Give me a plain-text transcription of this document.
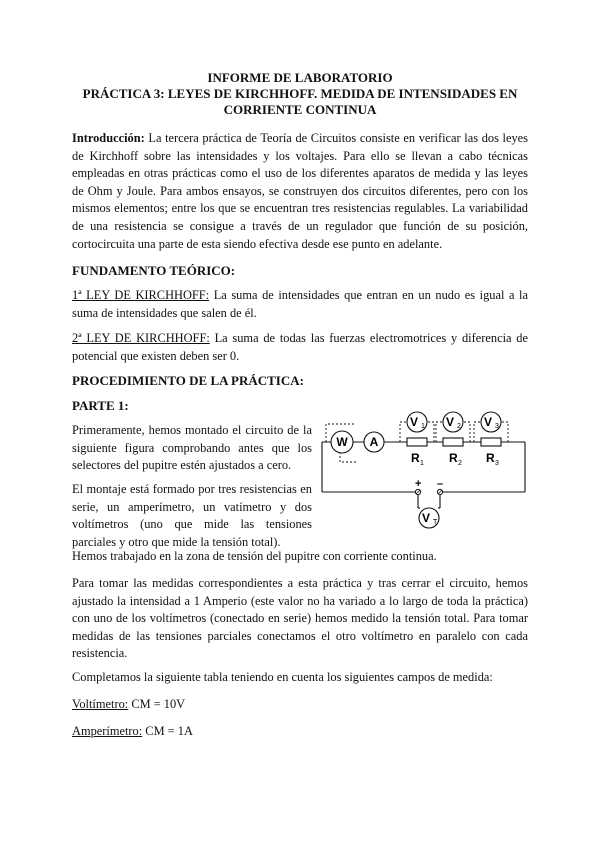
INFORME DE LABORATORIO

PRÁCTICA 3: LEYES DE KIRCHHOFF. MEDIDA DE INTENSIDADES EN

CORRIENTE CONTINUA

Introducción: La tercera práctica de Teoría de Circuitos consiste en verificar las dos leyes de Kirchhoff sobre las intensidades y los voltajes. Para ello se llevan a cabo técnicas empleadas en otras prácticas como el uso de los diferentes aparatos de medida y las leyes de Ohm y Joule. Para ambos ensayos, se construyen dos circuitos diferentes, pero con los mismos elementos; entre los que se encuentran tres resistencias regulables. La variabilidad de una resistencia se consigue a través de un regulador que función de su posición, cortocircuita una parte de esta siendo efectiva desde ese punto en adelante.

FUNDAMENTO TEÓRICO:

1ª LEY DE KIRCHHOFF: La suma de intensidades que entran en un nudo es igual a la suma de intensidades que salen de él.

2ª LEY DE KIRCHHOFF: La suma de todas las fuerzas electromotrices y diferencia de potencial que existen deben ser 0.

PROCEDIMIENTO DE LA PRÁCTICA:

PARTE 1:

Primeramente, hemos montado el circuito de la siguiente figura comprobando antes que los selectores del pupitre estén ajustados a cero.

El montaje está formado por tres resistencias en serie, un amperímetro, un vatímetro y dos voltímetros (uno que mide las tensiones parciales y otro que mide la tensión total).

Hemos trabajado en la zona de tensión del pupitre con corriente continua.

Para tomar las medidas correspondientes a esta práctica y tras cerrar el circuito, hemos ajustado la intensidad a 1 Amperio (este valor no ha variado a lo largo de toda la práctica) con uno de los voltímetros (conectado en serie) hemos medido la tensión total. Para tomar medidas de las tensiones parciales conectamos el otro voltímetro en paralelo con cada resistencia.

Completamos la siguiente tabla teniendo en cuenta los siguientes campos de medida:

Voltímetro: CM = 10V

Amperímetro: CM = 1A

W A
R 1 R 2 R 3
V 1 V 2 V 3
+ –
V T
